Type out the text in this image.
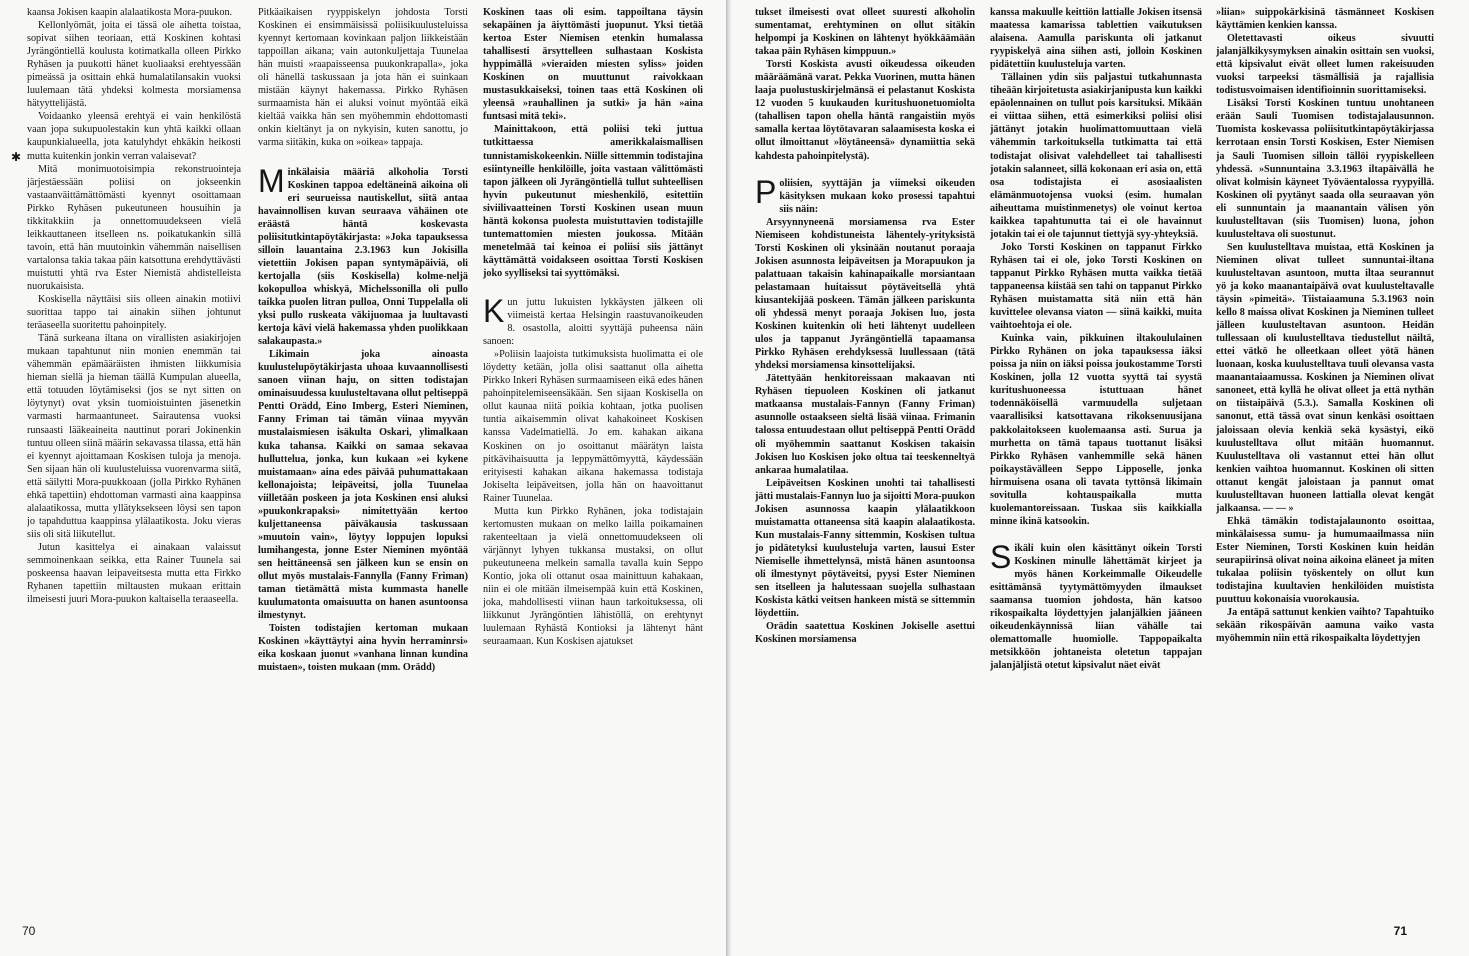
kaansa Jokisen kaapin alalaatikosta Mora-puukon.

Kellonlyömät, joita ei tässä ole aihetta toistaa, sopivat siihen teoriaan, että Koskinen kohtasi Jyrängöntiellä koulusta kotimatkalla olleen Pirkko Ryhäsen ja puukotti hänet kuoliaaksi erehtyessään pimeässä ja osittain ehkä humalatilansakin vuoksi luulemaan tätä yhdeksi kolmesta morsiamensa hätyyttelijästä.

Voidaanko yleensä erehtyä ei vain henkilöstä vaan jopa sukupuolestakin kun yhtä kaikki ollaan kaupunkialueella, jota katulyhdyt ehkäkin heikosti mutta kuitenkin jonkin verran valaisevat?

Mitä monimuotoisimpia rekonstruointeja järjestäessään poliisi on jokseenkin vastaanväittämättömästi kyennyt osoittamaan Pirkko Ryhäsen pukeutuneen housuihin ja tikkitakkiin ja onnettomuudekseen vielä leikkauttaneen itselleen ns. poikatukankin sillä tavoin, että hän muutoinkin vähemmän naisellisen vartalonsa takia takaa päin katsottuna erehdyttävästi muistutti yhtä rva Ester Niemistä ahdistelleista nuorukaisista.

Koskisella näyttäisi siis olleen ainakin motiivi suorittaa tappo tai ainakin siihen johtunut teräaseella suoritettu pahoinpitely.

Tänä surkeana iltana on virallisten asiakirjojen mukaan tapahtunut niin monien enemmän tai vähemmän epämääräisten ihmisten liikkumisia hieman siellä ja hieman täällä Kumpulan alueella, että totuuden löytämiseksi (jos se nyt sitten on löytynyt) ovat yksin tuomioistuinten jäsenetkin varmasti harmaantuneet. Sairautensa vuoksi runsaasti lääkeaineita nauttinut porari Jokinenkin tuntuu olleen siinä määrin sekavassa tilassa, että hän ei kyennyt ajoittamaan Koskisen tuloja ja menoja. Sen sijaan hän oli kuulusteluissa vuorenvarma siitä, että säilytti Mora-puukkoaan (jolla Pirkko Ryhänen ehkä tapettiin) ehdottoman varmasti aina kaappinsa alalaatikossa, mutta yllätyksekseen löysi sen tapon jo tapahduttua kaappinsa ylälaatikosta. Joku vieras siis oli sitä liikutellut.

Jutun kasittelya ei ainakaan valaissut semmoinenkaan seikka, etta Rainer Tuunela sai poskeensa haavan leipaveitsesta mutta etta Firkko Ryhanen tapettiin miltausten mukaan erittain ilmeisesti juuri Mora-puukon kaltaisella teraaseella.

Pitkäaikaisen ryyppiskelyn johdosta Torsti Koskinen ei ensimmäisissä poliisikuulusteluissa kyennyt kertomaan kovinkaan paljon liikkeistään tappoillan aikana; vain autonkuljettaja Tuunelaa hän muisti »raapaisseensa puukonkrapalla», joka oli hänellä taskussaan ja jota hän ei suinkaan mistään käynyt hakemassa. Pirkko Ryhäsen surmaamista hän ei aluksi voinut myöntää eikä kieltää vaikka hän sen myöhemmin ehdottomasti onkin kieltänyt ja on nykyisin, kuten sanottu, jo varma siitäkin, kuka on »oikea» tappaja.

Minkälaisia määriä alkoholia Torsti Koskinen tappoa edeltäneinä aikoina oli eri seurueissa nautiskellut, siitä antaa havainnollisen kuvan seuraava vähäinen ote eräästä häntä koskevasta poliisitutkintapöytäkirjasta: »Joka tapauksessa silloin lauantaina 2.3.1963 kun Jokisilla vietettiin Jokisen papan syntymäpäiviä, oli kertojalla (siis Koskisella) kolme-neljä kokopulloa whiskyä, Michelssonilla oli pullo taikka puolen litran pulloa, Onni Tuppelalla oli yksi pullo ruskeata väkijuomaa ja luultavasti kertoja kävi vielä hakemassa yhden puolikkaan salakaupasta.»

Likimain joka ainoasta kuulustelupöytäkirjasta uhoaa kuvaannollisesti sanoen viinan haju, on sitten todistajan ominaisuudessa kuulusteltavana ollut peltiseppä Pentti Orädd, Eino Imberg, Esteri Nieminen, Fanny Friman tai tämän viinaa myyvän mustalaismiesen isäkulta Oskari, ylimalkaan kuka tahansa. Kaikki on samaa sekavaa hulluttelua, jonka, kun kukaan »ei kykene muistamaan» aina edes päivää puhumattakaan kellonajoista; leipäveitsi, jolla Tuunelaa viilletään poskeen ja jota Koskinen ensi aluksi »puukonkrapaksi» nimitettyään kertoo kuljettaneensa päiväkausia taskussaan »muutoin vain», löytyy loppujen lopuksi lumihangesta, jonne Ester Nieminen myöntää sen heittäneensä sen jälkeen kun se ensin on ollut myös mustalais-Fannylla (Fanny Friman) taman tietämättä mista kummasta hanelle kuulumatonta omaisuutta on hanen asuntoonsa ilmestynyt.

Toisten todistajien kertoman mukaan Koskinen »käyttäytyi aina hyvin herraminrsi» eika koskaan juonut »vanhana linnan kundina muistaen», toisten mukaan (mm. Orädd)

Koskinen taas oli esim. tappoiltana täysin sekapäinen ja äiyttömästi juopunut. Yksi tietää kertoa Ester Niemisen etenkin humalassa tahallisesti ärsyttelleen sulhastaan Koskista hyppimällä »vieraiden miesten syliss» joiden Koskinen on muuttunut raivokkaan mustasukkaiseksi, toinen taas että Koskinen oli yleensä »rauhallinen ja sutki» ja hän »aina funtsasi mitä teki».

Mainittakoon, että poliisi teki juttua tutkittaessa amerikkalaismallisen tunnistamiskokeenkin. Niille sittemmin todistajina esiintyneille henkilöille, joita vastaan välittömästi tapon jälkeen oli Jyrängöntiellä tullut suhteellisen hyvin pukeutunut mieshenkilö, esitettiin siviilivaatteinen Torsti Koskinen usean muun häntä kokonsa puolesta muistuttavien todistajille tuntemattomien miesten joukossa. Mitään menetelmää tai keinoa ei poliisi siis jättänyt käyttämättä voidakseen osoittaa Torsti Koskisen joko syylliseksi tai syyttömäksi.

Kun juttu lukuisten lykkäysten jälkeen oli viimeistä kertaa Helsingin raastuvanoikeuden 8. osastolla, aloitti syyttäjä puheensa näin sanoen:

»Poliisin laajoista tutkimuksista huolimatta ei ole löydetty ketään, jolla olisi saattanut olla aihetta Pirkko Inkeri Ryhäsen surmaamiseen eikä edes hänen pahoinpitelemiseensäkään. Sen sijaan Koskisella on ollut kaunaa niitä poikia kohtaan, jotka puolisen tuntia aikaisemmin olivat kahakoineet Koskisen kanssa Vadelmatiellä. Jo em. kahakan aikana Koskinen on jo osoittanut määrätyn laista pitkävihaisuutta ja leppymättömyyttä, käydessään erityisesti kahakan aikana hakemassa todistaja Jokiselta leipäveitsen, jolla hän on haavoittanut Rainer Tuunelaa.

Mutta kun Pirkko Ryhänen, joka todistajain kertomusten mukaan on melko lailla poikamainen rakenteeltaan ja vielä onnettomuudekseen oli värjännyt lyhyen tukkansa mustaksi, on ollut pukeutuneena melkein samalla tavalla kuin Seppo Kontio, joka oli ottanut osaa mainittuun kahakaan, niin ei ole mitään ilmeisempää kuin että Koskinen, joka, mahdollisesti viinan haun tarkoituksessa, oli liikkunut Jyrängöntien lähistöllä, on erehtynyt luulemaan Ryhästä Kontioksi ja lähtenyt hänt seuraamaan. Kun Koskisen ajatukset

✱
70

tukset ilmeisesti ovat olleet suuresti alkoholin sumentamat, erehtyminen on ollut sitäkin helpompi ja Koskinen on lähtenyt hyökkäämään takaa päin Ryhäsen kimppuun.»

Torsti Koskista avusti oikeudessa oikeuden määräämänä varat. Pekka Vuorinen, mutta hänen laaja puolustuskirjelmänsä ei pelastanut Koskista 12 vuoden 5 kuukauden kuritushuonetuomiolta (tahallisen tapon ohella häntä rangaistiin myös samalla kertaa löytötavaran salaamisesta koska ei ollut ilmoittanut »löytäneensä» dynamiittia sekä kahdesta pahoinpitelystä).

Poliisien, syyttäjän ja viimeksi oikeuden käsityksen mukaan koko prosessi tapahtui siis näin:

Arsyynnyneenä morsiamensa rva Ester Niemiseen kohdistuneista lähentely-yrityksistä Torsti Koskinen oli yksinään noutanut poraaja Jokisen asunnosta leipäveitsen ja Morapuukon ja palattuaan takaisin kahinapaikalle morsiantaan pelastamaan huitaissut pöytäveitsellä yhtä kiusantekijää poskeen. Tämän jälkeen pariskunta oli yhdessä menyt poraaja Jokisen luo, josta Koskinen kuitenkin oli heti lähtenyt uudelleen ulos ja tappanut Jyrängöntiellä tapaamansa Pirkko Ryhäsen erehdyksessä luullessaan (tätä yhdeksi morsiamensa kinsottelijaksi.

Jätettyään henkitoreissaan makaavan nti Ryhäsen tiepuoleen Koskinen oli jatkanut matkaansa mustalais-Fannyn (Fanny Friman) asunnolle ostaakseen sieltä lisää viinaa. Frimanin talossa entuudestaan ollut peltiseppä Pentti Orädd oli myöhemmin saattanut Koskisen takaisin Jokisen luo Koskisen joko oltua tai teeskenneltyä ankaraa humalatilaa.

Leipäveitsen Koskinen unohti tai tahallisesti jätti mustalais-Fannyn luo ja sijoitti Mora-puukon Jokisen asunnossa kaapin ylälaatikkoon muistamatta ottaneensa sitä kaapin alalaatikosta. Kun mustalais-Fanny sittemmin, Koskisen tultua jo pidätetyksi kuulusteluja varten, lausui Ester Niemiselle ihmettelynsä, mistä hänen asuntoonsa oli ilmestynyt pöytäveitsi, pyysi Ester Nieminen sen itselleen ja halutessaan suojella sulhastaan Koskista kätki veitsen hankeen mistä se sittemmin löydettiin.

Orädin saatettua Koskinen Jokiselle asettui Koskinen morsiamensa

kanssa makuulle keittiön lattialle Jokisen itsensä maatessa kamarissa tablettien vaikutuksen alaisena. Aamulla pariskunta oli jatkanut ryypiskelyä aina siihen asti, jolloin Koskinen pidätettiin kuulusteluja varten.

Tällainen ydin siis paljastui tutkahunnasta tiheään kirjoitetusta asiakirjanipusta kun kaikki epäolennainen on tullut pois karsituksi. Mikään ei viittaa siihen, että esimerkiksi poliisi olisi jättänyt jotakin huolimattomuuttaan vielä vähemmin tarkoituksella tutkimatta tai että todistajat olisivat valehdelleet tai tahallisesti jotakin salanneet, sillä kokonaan eri asia on, että osa todistajista ei asosiaalisten elämänmuotojensa vuoksi (esim. humalan aiheuttama muistinmenetys) ole voinut kertoa kaikkea tapahtunutta tai ei ole havainnut jotakin tai ei ole tajunnut tiettyjä syy-yhteyksiä.

Joko Torsti Koskinen on tappanut Firkko Ryhäsen tai ei ole, joko Torsti Koskinen on tappanut Pirkko Ryhäsen mutta vaikka tietää tappaneensa kiistää sen tahi on tappanut Pirkko Ryhäsen muistamatta sitä niin että hän kuvittelee olevansa viaton — siinä kaikki, muita vaihtoehtoja ei ole.

Kuinka vain, pikkuinen iltakoululainen Pirkko Ryhänen on joka tapauksessa iäksi poissa ja niin on iäksi poissa joukostamme Torsti Koskinen, jolla 12 vuotta syyttä tai syystä kuritushuoneessa istuttuaan hänet todennäköisellä varmuudella suljetaan vaarallisiksi katsottavana rikoksenuusijana pakkolaitokseen kuolemaansa asti. Surua ja murhetta on tämä tapaus tuottanut lisäksi Pirkko Ryhäsen vanhemmille sekä hänen poikaystävälleen Seppo Lipposelle, jonka hirmuisena osana oli tavata tyttönsä likimain sovitulla kohtauspaikalla mutta kuolemantoreissaan. Tuskaa siis kaikkialla minne ikinä katsookin.

Sikäli kuin olen käsittänyt oikein Torsti Koskinen minulle lähettämät kirjeet ja myös hänen Korkeimmalle Oikeudelle esittämänsä tyytymättömyyden ilmaukset saamansa tuomion johdosta, hän katsoo rikospaikalta löydettyjen jalanjälkien jääneen oikeudenkäynnissä liian vähälle tai olemattomalle huomiolle. Tappopaikalta metsikköön johtaneista oletetun tappajan jalanjäljistä otetut kipsivalut näet eivät

»liian» suippokärkisinä täsmänneet Koskisen käyttämien kenkien kanssa.

Oletettavasti oikeus sivuutti jalanjälkikysymyksen ainakin osittain sen vuoksi, että kipsivalut eivät olleet lumen rakeisuuden vuoksi tarpeeksi täsmällisiä ja rajallisia todistusvoimaisen identifioinnin suorittamiseksi.

Lisäksi Torsti Koskinen tuntuu unohtaneen erään Sauli Tuomisen todistajalausunnon. Tuomista koskevassa poliisitutkintapöytäkirjassa kerrotaan ensin Torsti Koskisen, Ester Niemisen ja Sauli Tuomisen silloin tällöi ryypiskelleen yhdessä. »Sunnuntaina 3.3.1963 iltapäivällä he olivat kolmisin käyneet Työväentalossa ryypyillä. Koskinen oli pyytänyt saada olla seuraavan yön eli sunnuntain ja maanantain välisen yön kuulustelltavan (siis Tuomisen) luona, johon kuulusteltava oli suostunut.

Sen kuulustelltava muistaa, että Koskinen ja Nieminen olivat tulleet sunnuntai-iltana kuulusteltavan asuntoon, mutta iltaa seurannut yö ja koko maanantaipäivä ovat kuulusteltavalle täysin »pimeitä». Tiistaiaamuna 5.3.1963 noin kello 8 maissa olivat Koskinen ja Nieminen tulleet jälleen kuulusteltavan asuntoon. Heidän tullessaan oli kuulustelltava tiedustellut näiltä, ettei vätkö he olleetkaan olleet yötä hänen luonaan, koska kuulustelltava tuuli olevansa vasta maanantaiaamussa. Koskinen ja Nieminen olivat sanoneet, että kyllä he olivat olleet ja että nythän on tiistaipäivä (5.3.). Samalla Koskinen oli sanonut, että tässä ovat sinun kenkäsi osoittaen jaloissaan olevia kenkiä sekä kysästyi, eikö kuulustelltava ollut mitään huomannut. Kuulustelltava oli vastannut ettei hän ollut kenkien vaihtoa huomannut. Koskinen oli sitten ottanut kengät jaloistaan ja pannut omat kuulustelltavan huoneen lattialla olevat kengät jalkaansa. — — »

Ehkä tämäkin todistajalaunonto osoittaa, minkälaisessa sumu- ja humumaailmassa niin Ester Nieminen, Torsti Koskinen kuin heidän seurapiirinsä olivat noina aikoina eläneet ja miten tukalaa poliisin työskentely on ollut kun todistajina kuultavien henkilöiden muistista puuttuu kokonaisia vuorokausia.

Ja entäpä sattunut kenkien vaihto? Tapahtuiko sekään rikospäivän aamuna vaiko vasta myöhemmin niin että rikospaikalta löydettyjen

71
